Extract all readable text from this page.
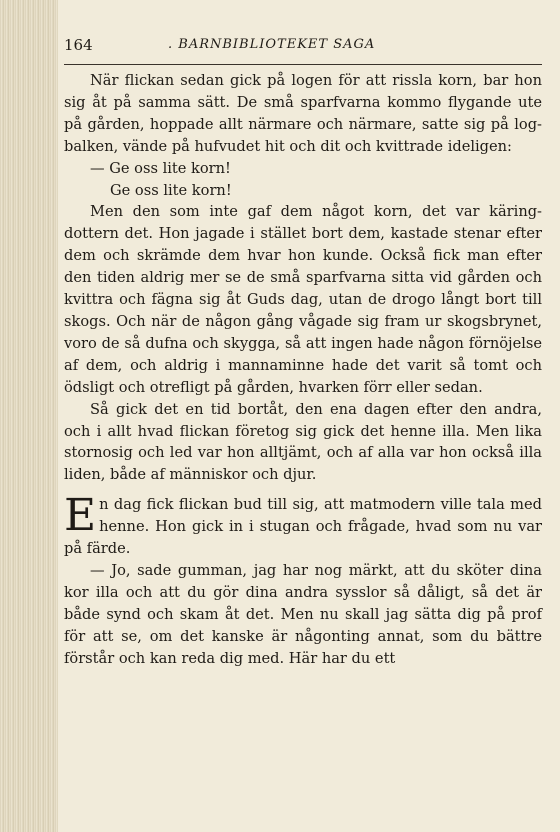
164	. BARNBIBLIOTEKET SAGA

När flickan sedan gick på logen för att rissla korn, bar hon sig åt på samma sätt. De små sparfvarna kommo flygande ute på gården, hoppade allt närmare och närmare, satte sig på log-balken, vände på hufvudet hit och dit och kvittrade ideligen:

— Ge oss lite korn!

Ge oss lite korn!

Men den som inte gaf dem något korn, det var käring-dottern det. Hon jagade i stället bort dem, kastade stenar efter dem och skrämde dem hvar hon kunde. Också fick man efter den tiden aldrig mer se de små sparfvarna sitta vid gården och kvittra och fägna sig åt Guds dag, utan de drogo långt bort till skogs. Och när de någon gång vågade sig fram ur skogsbrynet, voro de så dufna och skygga, så att ingen hade någon förnöjelse af dem, och aldrig i mannaminne hade det varit så tomt och ödsligt och otrefligt på gården, hvarken förr eller sedan.

Så gick det en tid bortåt, den ena dagen efter den andra, och i allt hvad flickan företog sig gick det henne illa. Men lika stornosig och led var hon alltjämt, och af alla var hon också illa liden, både af människor och djur.

En dag fick flickan bud till sig, att matmodern ville tala med henne. Hon gick in i stugan och frågade, hvad som nu var på färde.

— Jo, sade gumman, jag har nog märkt, att du sköter dina kor illa och att du gör dina andra sysslor så dåligt, så det är både synd och skam åt det. Men nu skall jag sätta dig på prof för att se, om det kanske är någonting annat, som du bättre förstår och kan reda dig med. Här har du ett
